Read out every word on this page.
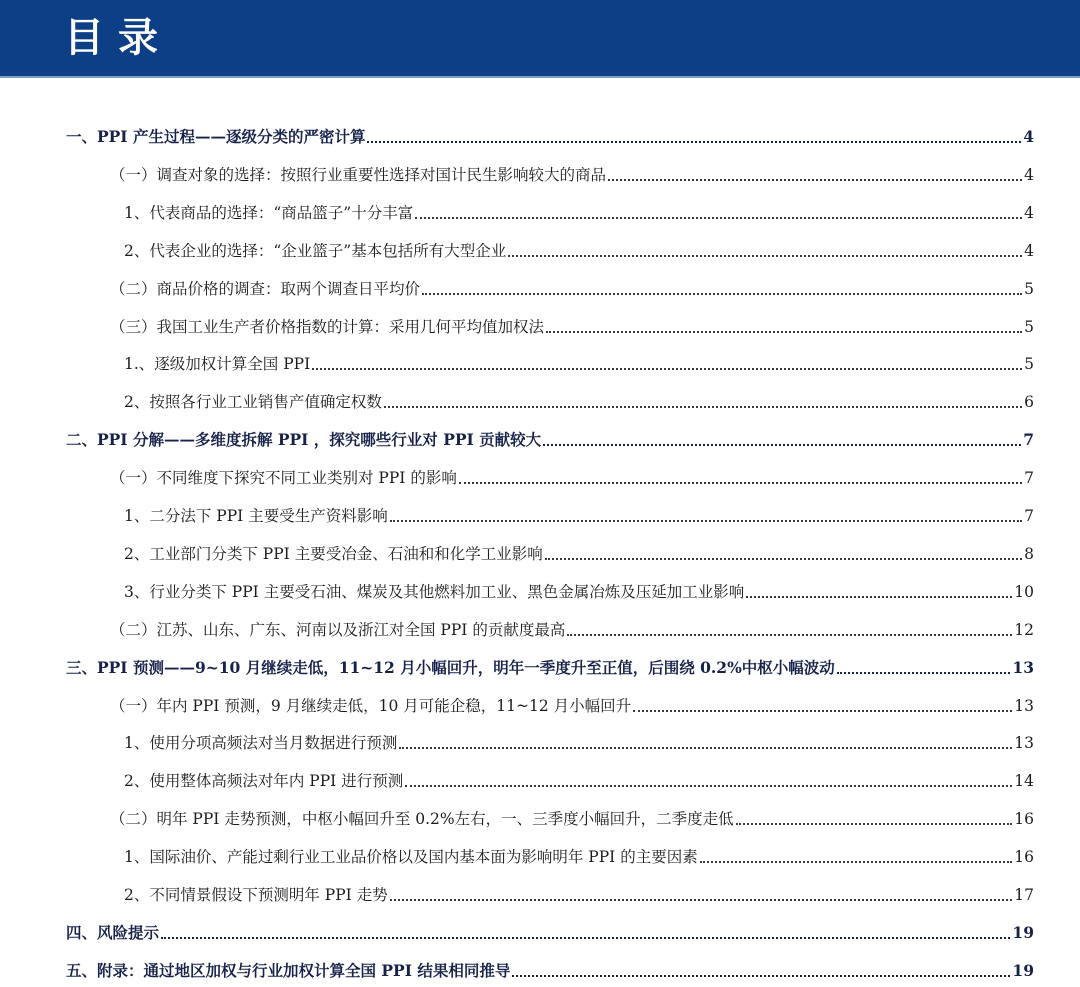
目录
一、PPI 产生过程——逐级分类的严密计算	4
（一）调查对象的选择：按照行业重要性选择对国计民生影响较大的商品	4
1、代表商品的选择：“商品篮子”十分丰富	4
2、代表企业的选择：“企业篮子”基本包括所有大型企业	4
（二）商品价格的调查：取两个调查日平均价	5
（三）我国工业生产者价格指数的计算：采用几何平均值加权法	5
1.、逐级加权计算全国 PPI	5
2、按照各行业工业销售产值确定权数	6
二、PPI 分解——多维度拆解 PPI ，探究哪些行业对 PPI 贡献较大	7
（一）不同维度下探究不同工业类别对 PPI 的影响	7
1、二分法下 PPI 主要受生产资料影响	7
2、工业部门分类下 PPI 主要受冶金、石油和和化学工业影响	8
3、行业分类下 PPI 主要受石油、煤炭及其他燃料加工业、黑色金属冶炼及压延加工业影响	10
（二）江苏、山东、广东、河南以及浙江对全国 PPI 的贡献度最高	12
三、PPI 预测——9~10 月继续走低，11~12 月小幅回升，明年一季度升至正值，后围绕 0.2%中枢小幅波动	13
（一）年内 PPI 预测，9 月继续走低，10 月可能企稳，11~12 月小幅回升	13
1、使用分项高频法对当月数据进行预测	13
2、使用整体高频法对年内 PPI 进行预测	14
（二）明年 PPI 走势预测，中枢小幅回升至 0.2%左右，一、三季度小幅回升，二季度走低	16
1、国际油价、产能过剩行业工业品价格以及国内基本面为影响明年 PPI 的主要因素	16
2、不同情景假设下预测明年 PPI 走势	17
四、风险提示	19
五、附录：通过地区加权与行业加权计算全国 PPI 结果相同推导	19
